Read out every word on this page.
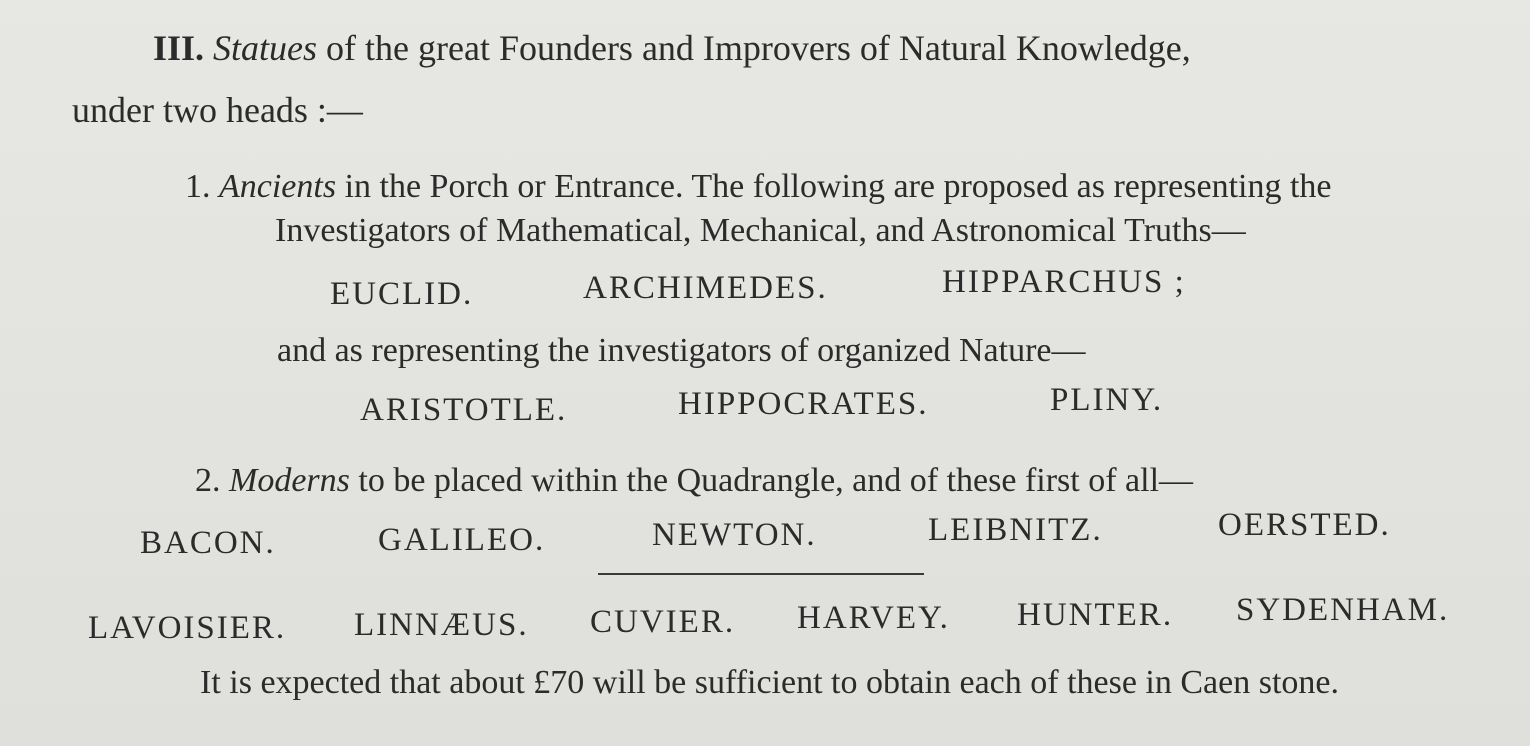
III. Statues of the great Founders and Improvers of Natural Knowledge,
under two heads :—
1. Ancients in the Porch or Entrance. The following are proposed as representing the
Investigators of Mathematical, Mechanical, and Astronomical Truths—
EUCLID.	ARCHIMEDES.	HIPPARCHUS ;
and as representing the investigators of organized Nature—
ARISTOTLE.	HIPPOCRATES.	PLINY.
2. Moderns to be placed within the Quadrangle, and of these first of all—
BACON.	GALILEO.	NEWTON.	LEIBNITZ.	OERSTED.
LAVOISIER. LINNÆUS. CUVIER. HARVEY. HUNTER. SYDENHAM.
It is expected that about £70 will be sufficient to obtain each of these in Caen stone.
